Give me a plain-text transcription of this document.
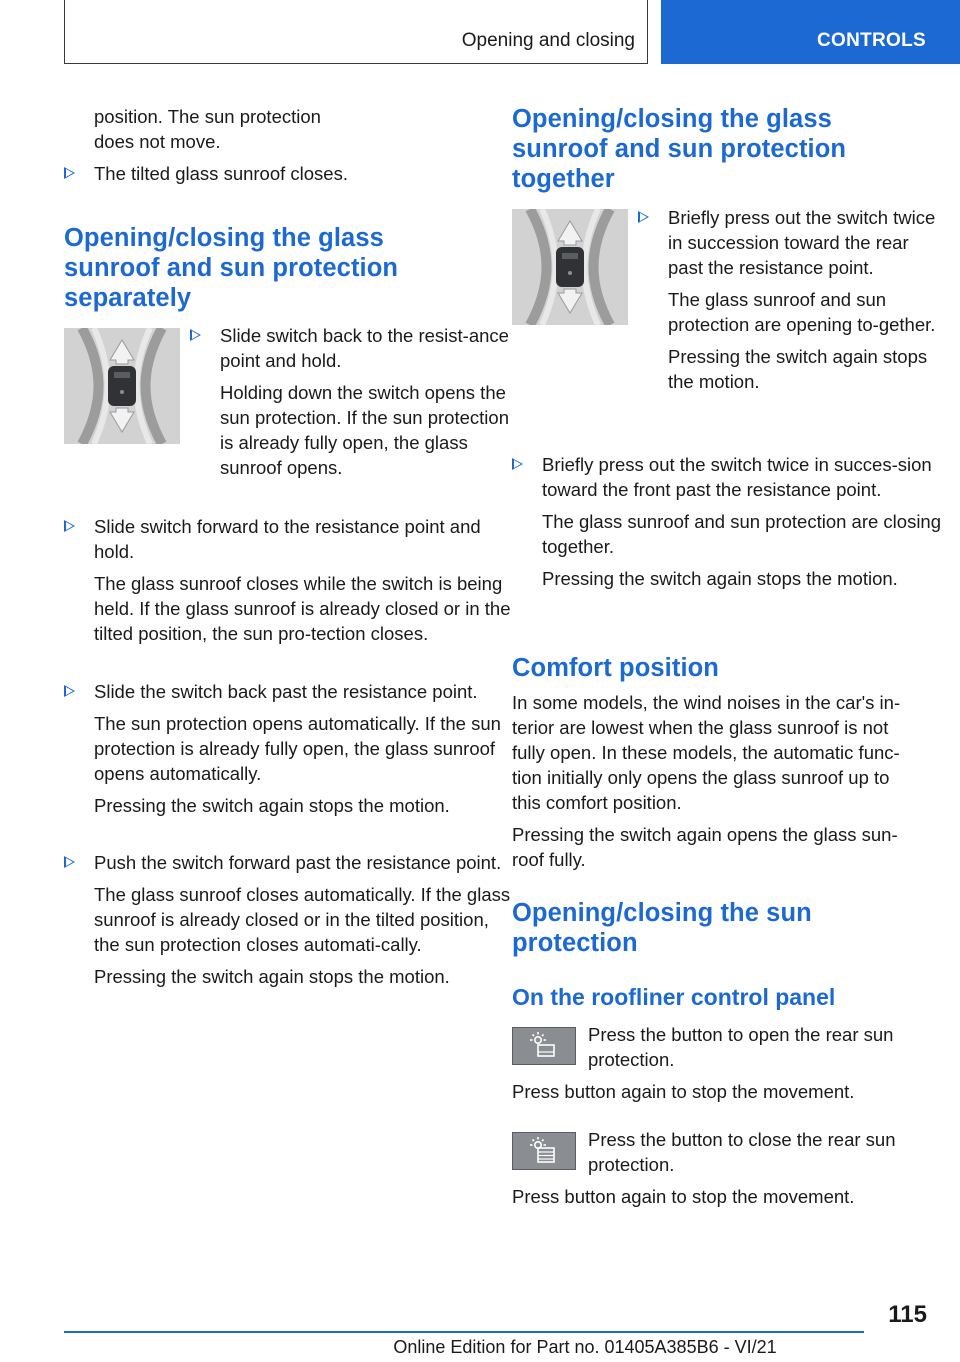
Opening and closing	CONTROLS

position. The sun protection

does not move.

The tilted glass sunroof closes.
Opening/closing the glass sunroof and sun protection separately

Slide switch back to the resist-ance point and hold.

Holding down the switch opens the sun protection. If the sun protection is already fully open, the glass sunroof opens.

Slide switch forward to the resistance point and hold.

The glass sunroof closes while the switch is being held. If the glass sunroof is already closed or in the tilted position, the sun pro-tection closes.

Slide the switch back past the resistance point.

The sun protection opens automatically. If the sun protection is already fully open, the glass sunroof opens automatically.

Pressing the switch again stops the motion.

Push the switch forward past the resistance point.

The glass sunroof closes automatically. If the glass sunroof is already closed or in the tilted position, the sun protection closes automati-cally.

Pressing the switch again stops the motion.

Opening/closing the glass sunroof and sun protection together

Briefly press out the switch twice in succession toward the rear past the resistance point.

The glass sunroof and sun protection are opening to-gether.

Pressing the switch again stops the motion.

Briefly press out the switch twice in succes-sion toward the front past the resistance point.

The glass sunroof and sun protection are closing together.

Pressing the switch again stops the motion.

Comfort position

In some models, the wind noises in the car's in-terior are lowest when the glass sunroof is not fully open. In these models, the automatic func-tion initially only opens the glass sunroof up to this comfort position.

Pressing the switch again opens the glass sun-roof fully.

Opening/closing the sun protection
On the roofliner control panel

Press the button to open the rear sun protection.

Press button again to stop the movement.

Press the button to close the rear sun protection.

Press button again to stop the movement.

115
Online Edition for Part no. 01405A385B6 - VI/21
